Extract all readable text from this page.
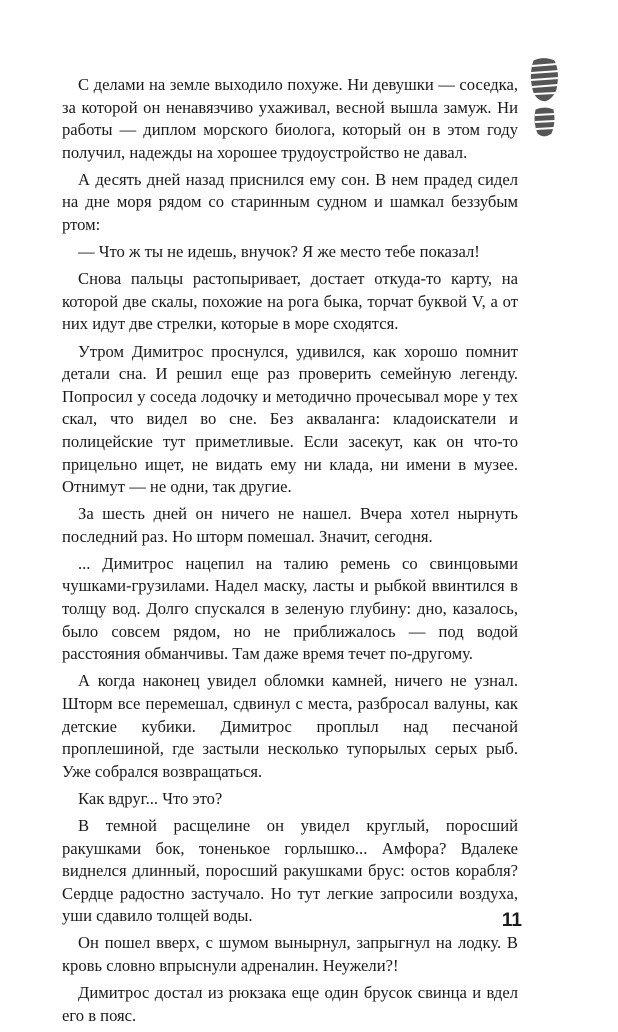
С делами на земле выходило похуже. Ни девушки — соседка, за которой он ненавязчиво ухаживал, весной вышла замуж. Ни работы — диплом морского биолога, который он в этом году получил, надежды на хорошее трудоустройство не давал.

А десять дней назад приснился ему сон. В нем прадед сидел на дне моря рядом со старинным судном и шамкал беззубым ртом:

— Что ж ты не идешь, внучок? Я же место тебе показал!

Снова пальцы растопыривает, достает откуда-то карту, на которой две скалы, похожие на рога быка, торчат буквой V, а от них идут две стрелки, которые в море сходятся.

Утром Димитрос проснулся, удивился, как хорошо помнит детали сна. И решил еще раз проверить семейную легенду. Попросил у соседа лодочку и методично прочесывал море у тех скал, что видел во сне. Без акваланга: кладоискатели и полицейские тут приметливые. Если засекут, как он что-то прицельно ищет, не видать ему ни клада, ни имени в музее. Отнимут — не одни, так другие.

За шесть дней он ничего не нашел. Вчера хотел нырнуть последний раз. Но шторм помешал. Значит, сегодня.

... Димитрос нацепил на талию ремень со свинцовыми чушками-грузилами. Надел маску, ласты и рыбкой ввинтился в толщу вод. Долго спускался в зеленую глубину: дно, казалось, было совсем рядом, но не приближалось — под водой расстояния обманчивы. Там даже время течет по-другому.

А когда наконец увидел обломки камней, ничего не узнал. Шторм все перемешал, сдвинул с места, разбросал валуны, как детские кубики. Димитрос проплыл над песчаной проплешиной, где застыли несколько тупорылых серых рыб. Уже собрался возвращаться.

Как вдруг... Что это?

В темной расщелине он увидел круглый, поросший ракушками бок, тоненькое горлышко... Амфора? Вдалеке виднелся длинный, поросший ракушками брус: остов корабля? Сердце радостно застучало. Но тут легкие запросили воздуха, уши сдавило толщей воды.

Он пошел вверх, с шумом вынырнул, запрыгнул на лодку. В кровь словно впрыснули адреналин. Неужели?!

Димитрос достал из рюкзака еще один брусок свинца и вдел его в пояс.

11
